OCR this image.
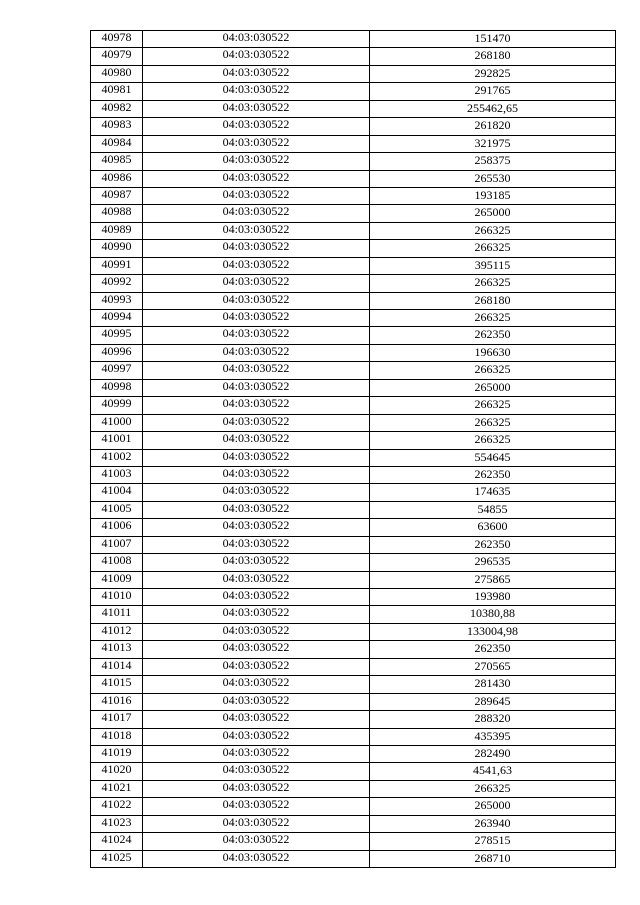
40978	04:03:030522	151470
40979	04:03:030522	268180
40980	04:03:030522	292825
40981	04:03:030522	291765
40982	04:03:030522	255462,65
40983	04:03:030522	261820
40984	04:03:030522	321975
40985	04:03:030522	258375
40986	04:03:030522	265530
40987	04:03:030522	193185
40988	04:03:030522	265000
40989	04:03:030522	266325
40990	04:03:030522	266325
40991	04:03:030522	395115
40992	04:03:030522	266325
40993	04:03:030522	268180
40994	04:03:030522	266325
40995	04:03:030522	262350
40996	04:03:030522	196630
40997	04:03:030522	266325
40998	04:03:030522	265000
40999	04:03:030522	266325
41000	04:03:030522	266325
41001	04:03:030522	266325
41002	04:03:030522	554645
41003	04:03:030522	262350
41004	04:03:030522	174635
41005	04:03:030522	54855
41006	04:03:030522	63600
41007	04:03:030522	262350
41008	04:03:030522	296535
41009	04:03:030522	275865
41010	04:03:030522	193980
41011	04:03:030522	10380,88
41012	04:03:030522	133004,98
41013	04:03:030522	262350
41014	04:03:030522	270565
41015	04:03:030522	281430
41016	04:03:030522	289645
41017	04:03:030522	288320
41018	04:03:030522	435395
41019	04:03:030522	282490
41020	04:03:030522	4541,63
41021	04:03:030522	266325
41022	04:03:030522	265000
41023	04:03:030522	263940
41024	04:03:030522	278515
41025	04:03:030522	268710
